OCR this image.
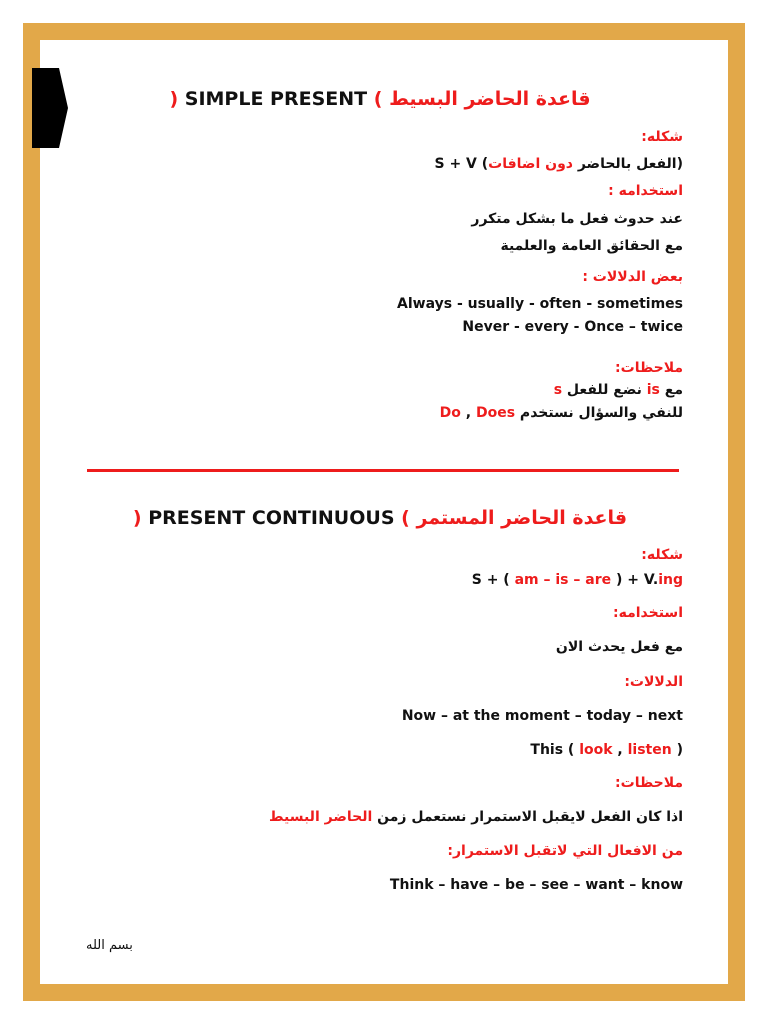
قاعدة الحاضر البسيط ) SIMPLE PRESENT (

شكله:

(الفعل بالحاضر دون اضافات) S + V

استخدامه :

عند حدوث فعل ما بشكل متكرر

مع الحقائق العامة والعلمية

بعض الدلالات :

Always - usually - often - sometimes

Never - every - Once – twice

ملاحظات:

مع is نضع للفعل s

للنفي والسؤال نستخدم Does , Do

قاعدة الحاضر المستمر ) PRESENT CONTINUOUS (

شكله:

S + ( am – is – are ) + V.ing

استخدامه:

مع فعل يحدث الان

الدلالات:

Now – at the moment – today – next

This ( look , listen )

ملاحظات:

اذا كان الفعل لايقبل الاستمرار نستعمل زمن الحاضر البسيط

من الافعال التي لاتقبل الاستمرار:

Think – have – be – see – want – know

بسم الله
